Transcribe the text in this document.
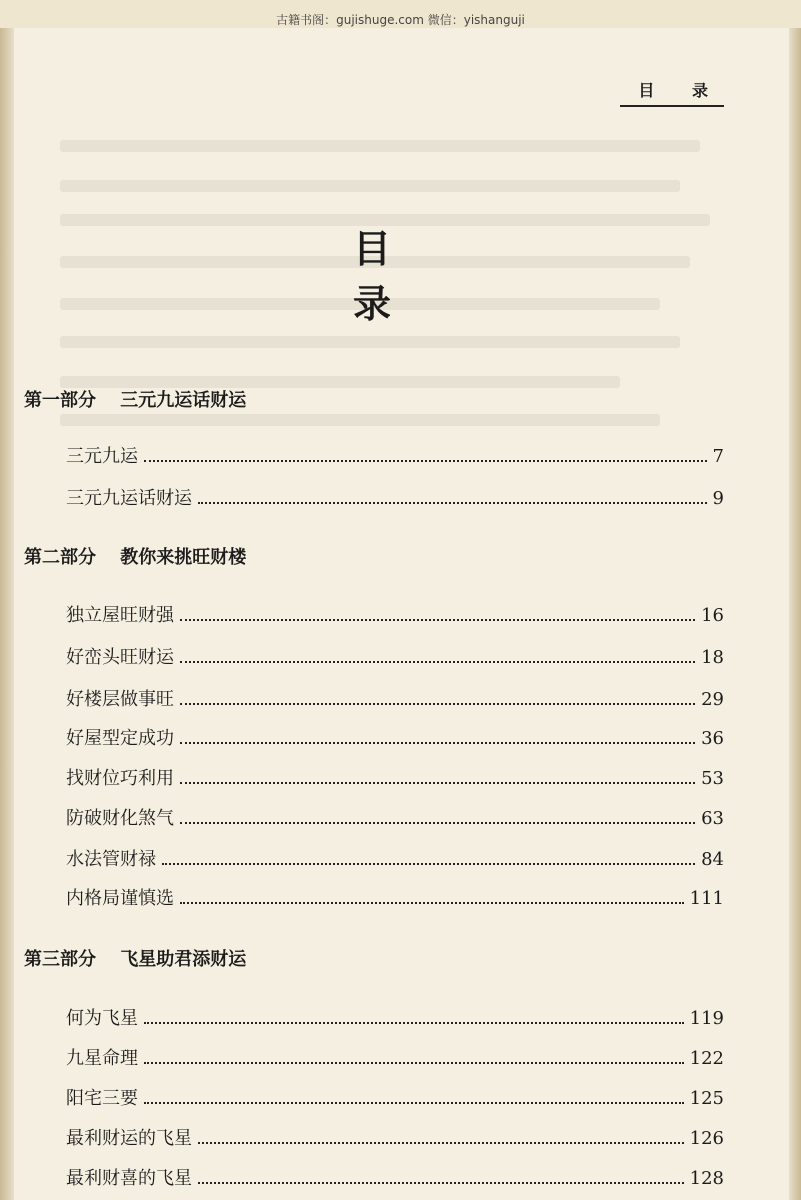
古籍书阁：gujishuge.com 微信：yishanguji
目 录
目 录
第一部分 三元九运话财运
三元九运	7
三元九运话财运	9
第二部分 教你来挑旺财楼
独立屋旺财强	16
好峦头旺财运	18
好楼层做事旺	29
好屋型定成功	36
找财位巧利用	53
防破财化煞气	63
水法管财禄	84
内格局谨慎选	111
第三部分 飞星助君添财运
何为飞星	119
九星命理	122
阳宅三要	125
最利财运的飞星	126
最利财喜的飞星	128
